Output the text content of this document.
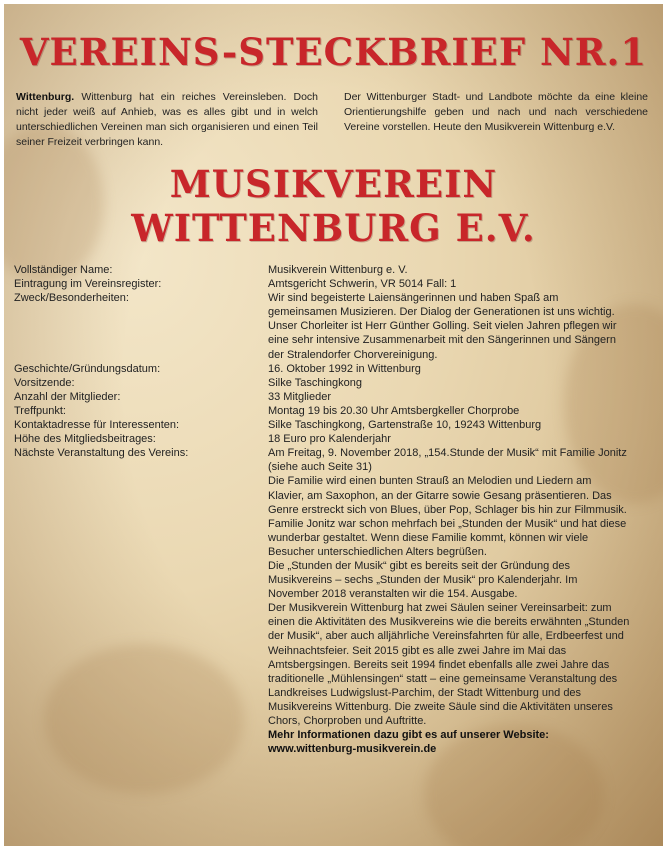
VEREINS-STECKBRIEF NR.1
Wittenburg. Wittenburg hat ein reiches Vereinsleben. Doch nicht jeder weiß auf Anhieb, was es alles gibt und in welch unterschiedlichen Vereinen man sich organisieren und einen Teil seiner Freizeit verbringen kann.
Der Wittenburger Stadt- und Landbote möchte da eine kleine Orientierungshilfe geben und nach und nach verschiedene Vereine vorstellen. Heute den Musikverein Wittenburg e.V.
MUSIKVEREIN
WITTENBURG E.V.
Vollständiger Name:	Musikverein Wittenburg e. V.
Eintragung im Vereinsregister:	Amtsgericht Schwerin, VR 5014 Fall: 1
Zweck/Besonderheiten:	Wir sind begeisterte Laiensängerinnen und haben Spaß am gemeinsamen Musizieren. Der Dialog der Generationen ist uns wichtig. Unser Chorleiter ist Herr Günther Golling. Seit vielen Jahren pflegen wir eine sehr intensive Zusammenarbeit mit den Sängerinnen und Sängern der Stralendorfer Chorvereinigung.
Geschichte/Gründungsdatum:	16. Oktober 1992 in Wittenburg
Vorsitzende:	Silke Taschingkong
Anzahl der Mitglieder:	33 Mitglieder
Treffpunkt:	Montag 19 bis 20.30 Uhr Amtsbergkeller Chorprobe
Kontaktadresse für Interessenten:	Silke Taschingkong, Gartenstraße 10, 19243 Wittenburg
Höhe des Mitgliedsbeitrages:	18 Euro pro Kalenderjahr
Nächste Veranstaltung des Vereins:	Am Freitag, 9. November 2018, „154.Stunde der Musik“ mit Familie Jonitz (siehe auch Seite 31)

Die Familie wird einen bunten Strauß an Melodien und Liedern am Klavier, am Saxophon, an der Gitarre sowie Gesang präsentieren. Das Genre erstreckt sich von Blues, über Pop, Schlager bis hin zur Filmmusik.

Familie Jonitz war schon mehrfach bei „Stunden der Musik“ und hat diese wunderbar gestaltet. Wenn diese Familie kommt, können wir viele Besucher unterschiedlichen Alters begrüßen.

Die „Stunden der Musik“ gibt es bereits seit der Gründung des Musikvereins – sechs „Stunden der Musik“ pro Kalenderjahr. Im November 2018 veranstalten wir die 154. Ausgabe.

Der Musikverein Wittenburg hat zwei Säulen seiner Vereinsarbeit: zum einen die Aktivitäten des Musikvereins wie die bereits erwähnten „Stunden der Musik“, aber auch alljährliche Vereinsfahrten für alle, Erdbeerfest und Weihnachtsfeier. Seit 2015 gibt es alle zwei Jahre im Mai das Amtsbergsingen. Bereits seit 1994 findet ebenfalls alle zwei Jahre das traditionelle „Mühlensingen“ statt – eine gemeinsame Veranstaltung des Landkreises Ludwigslust-Parchim, der Stadt Wittenburg und des Musikvereins Wittenburg. Die zweite Säule sind die Aktivitäten unseres Chors, Chorproben und Auftritte.

Mehr Informationen dazu gibt es auf unserer Website:

www.wittenburg-musikverein.de
